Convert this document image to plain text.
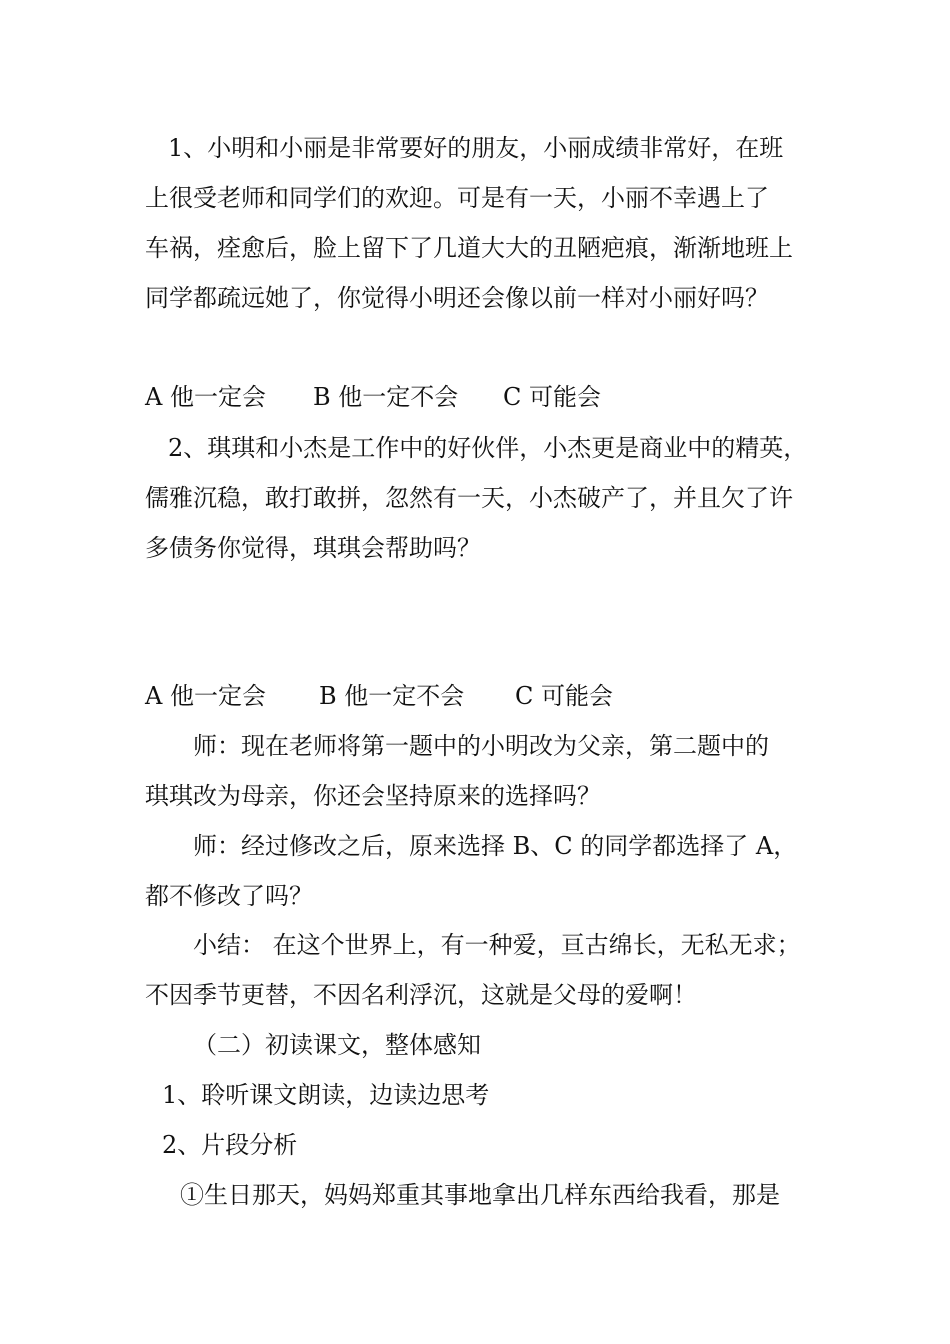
1、小明和小丽是非常要好的朋友，小丽成绩非常好，在班
上很受老师和同学们的欢迎。可是有一天，小丽不幸遇上了
车祸，痊愈后，脸上留下了几道大大的丑陋疤痕，渐渐地班上
同学都疏远她了，你觉得小明还会像以前一样对小丽好吗？
A 他一定会 B 他一定不会 C 可能会
2、琪琪和小杰是工作中的好伙伴，小杰更是商业中的精英，
儒雅沉稳，敢打敢拼，忽然有一天，小杰破产了，并且欠了许
多债务你觉得，琪琪会帮助吗？
A 他一定会 B 他一定不会 C 可能会
师：现在老师将第一题中的小明改为父亲，第二题中的
琪琪改为母亲，你还会坚持原来的选择吗？
师：经过修改之后，原来选择 B、C 的同学都选择了 A，
都不修改了吗？
小结： 在这个世界上，有一种爱，亘古绵长，无私无求；
不因季节更替，不因名利浮沉，这就是父母的爱啊！
（二）初读课文，整体感知
1、聆听课文朗读，边读边思考
2、片段分析
①生日那天，妈妈郑重其事地拿出几样东西给我看，那是
